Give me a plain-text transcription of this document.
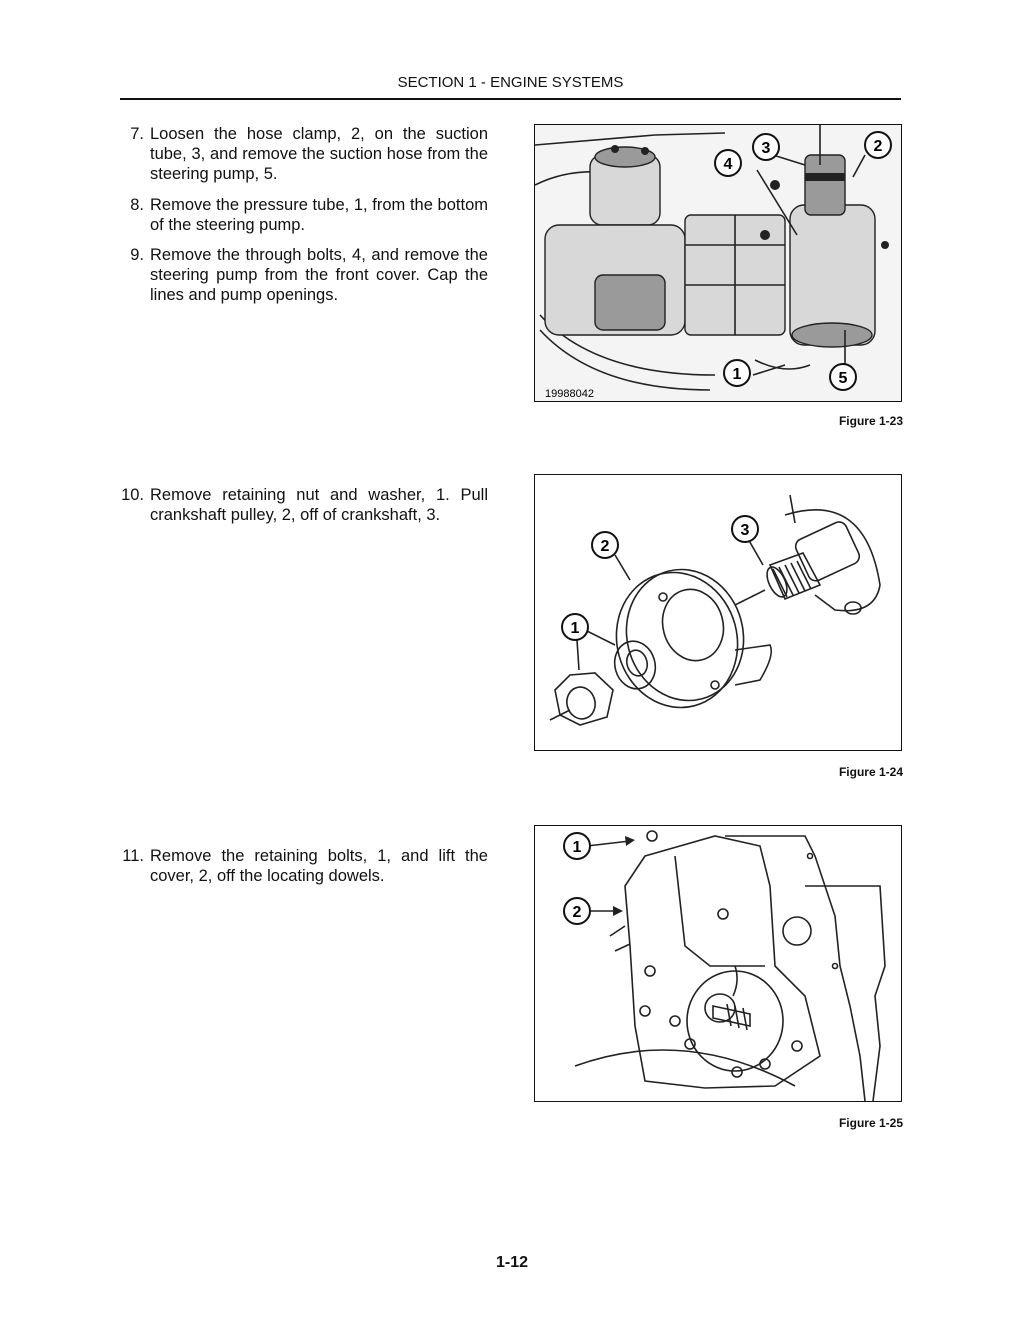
SECTION 1 - ENGINE SYSTEMS
7. Loosen the hose clamp, 2, on the suction tube, 3, and remove the suction hose from the steering pump, 5.
8. Remove the pressure tube, 1, from the bottom of the steering pump.
9. Remove the through bolts, 4, and remove the steering pump from the front cover. Cap the lines and pump openings.
1
2
3
4
5
19988042
Figure 1-23
10. Remove retaining nut and washer, 1. Pull crankshaft pulley, 2, off of crankshaft, 3.
1
2
3
Figure 1-24
11. Remove the retaining bolts, 1, and lift the cover, 2, off the locating dowels.
1
2
Figure 1-25
1-12
